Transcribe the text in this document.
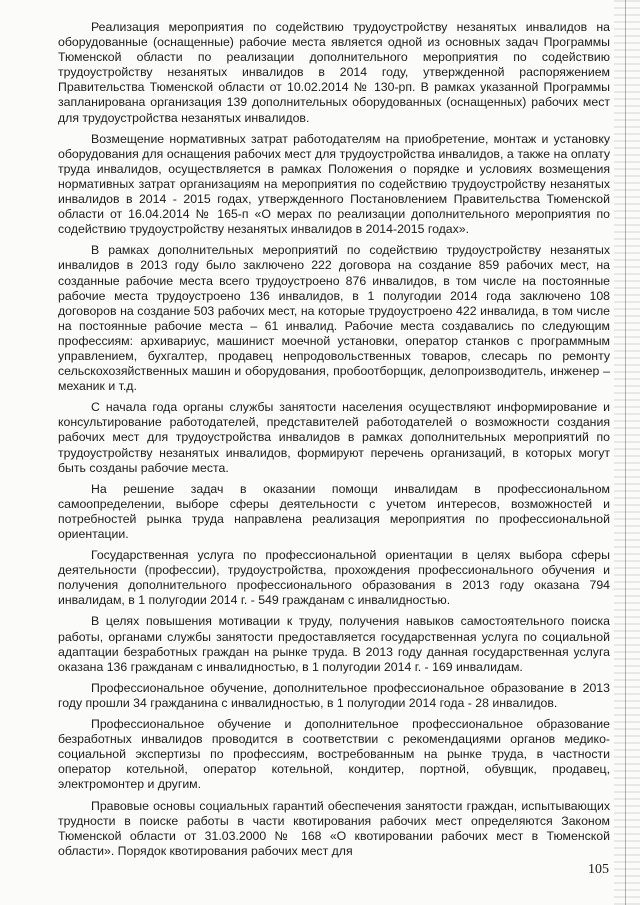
Реализация мероприятия по содействию трудоустройству незанятых инвалидов на оборудованные (оснащенные) рабочие места является одной из основных задач Программы Тюменской области по реализации дополнительного мероприятия по содействию трудоустройству незанятых инвалидов в 2014 году, утвержденной распоряжением Правительства Тюменской области от 10.02.2014 № 130-рп. В рамках указанной Программы запланирована организация 139 дополнительных оборудованных (оснащенных) рабочих мест для трудоустройства незанятых инвалидов.

Возмещение нормативных затрат работодателям на приобретение, монтаж и установку оборудования для оснащения рабочих мест для трудоустройства инвалидов, а также на оплату труда инвалидов, осуществляется в рамках Положения о порядке и условиях возмещения нормативных затрат организациям на мероприятия по содействию трудоустройству незанятых инвалидов в 2014 - 2015 годах, утвержденного Постановлением Правительства Тюменской области от 16.04.2014 № 165-п «О мерах по реализации дополнительного мероприятия по содействию трудоустройству незанятых инвалидов в 2014-2015 годах».

В рамках дополнительных мероприятий по содействию трудоустройству незанятых инвалидов в 2013 году было заключено 222 договора на создание 859 рабочих мест, на созданные рабочие места всего трудоустроено 876 инвалидов, в том числе на постоянные рабочие места трудоустроено 136 инвалидов, в 1 полугодии 2014 года заключено 108 договоров на создание 503 рабочих мест, на которые трудоустроено 422 инвалида, в том числе на постоянные рабочие места – 61 инвалид. Рабочие места создавались по следующим профессиям: архивариус, машинист моечной установки, оператор станков с программным управлением, бухгалтер, продавец непродовольственных товаров, слесарь по ремонту сельскохозяйственных машин и оборудования, пробоотборщик, делопроизводитель, инженер – механик и т.д.

С начала года органы службы занятости населения осуществляют информирование и консультирование работодателей, представителей работодателей о возможности создания рабочих мест для трудоустройства инвалидов в рамках дополнительных мероприятий по трудоустройству незанятых инвалидов, формируют перечень организаций, в которых могут быть созданы рабочие места.

На решение задач в оказании помощи инвалидам в профессиональном самоопределении, выборе сферы деятельности с учетом интересов, возможностей и потребностей рынка труда направлена реализация мероприятия по профессиональной ориентации.

Государственная услуга по профессиональной ориентации в целях выбора сферы деятельности (профессии), трудоустройства, прохождения профессионального обучения и получения дополнительного профессионального образования в 2013 году оказана 794 инвалидам, в 1 полугодии 2014 г. - 549 гражданам с инвалидностью.

В целях повышения мотивации к труду, получения навыков самостоятельного поиска работы, органами службы занятости предоставляется государственная услуга по социальной адаптации безработных граждан на рынке труда. В 2013 году данная государственная услуга оказана 136 гражданам с инвалидностью, в 1 полугодии 2014 г. - 169 инвалидам.

Профессиональное обучение, дополнительное профессиональное образование в 2013 году прошли 34 гражданина с инвалидностью, в 1 полугодии 2014 года - 28 инвалидов.

Профессиональное обучение и дополнительное профессиональное образование безработных инвалидов проводится в соответствии с рекомендациями органов медико-социальной экспертизы по профессиям, востребованным на рынке труда, в частности оператор котельной, оператор котельной, кондитер, портной, обувщик, продавец, электромонтер и другим.

Правовые основы социальных гарантий обеспечения занятости граждан, испытывающих трудности в поиске работы в части квотирования рабочих мест определяются Законом Тюменской области от 31.03.2000 № 168 «О квотировании рабочих мест в Тюменской области». Порядок квотирования рабочих мест для

105
